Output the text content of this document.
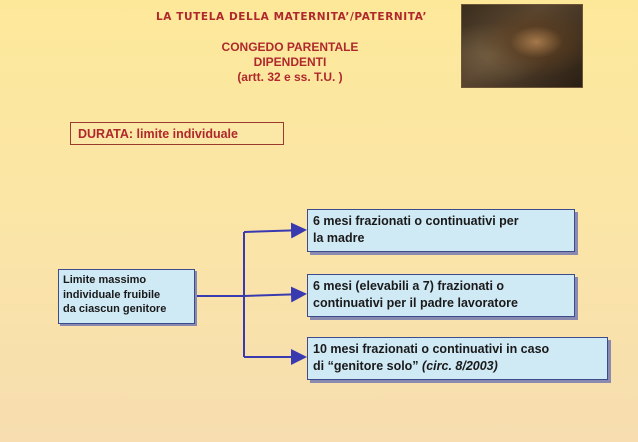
LA TUTELA DELLA MATERNITA’/PATERNITA’
CONGEDO PARENTALE
DIPENDENTI
(artt. 32 e ss. T.U. )
DURATA: limite individuale
Limite massimo
individuale fruibile
da ciascun genitore
6 mesi frazionati o continuativi per
la madre
6 mesi (elevabili a 7) frazionati o
continuativi per il padre lavoratore
10 mesi frazionati o continuativi in caso
di “genitore solo” (circ. 8/2003)
